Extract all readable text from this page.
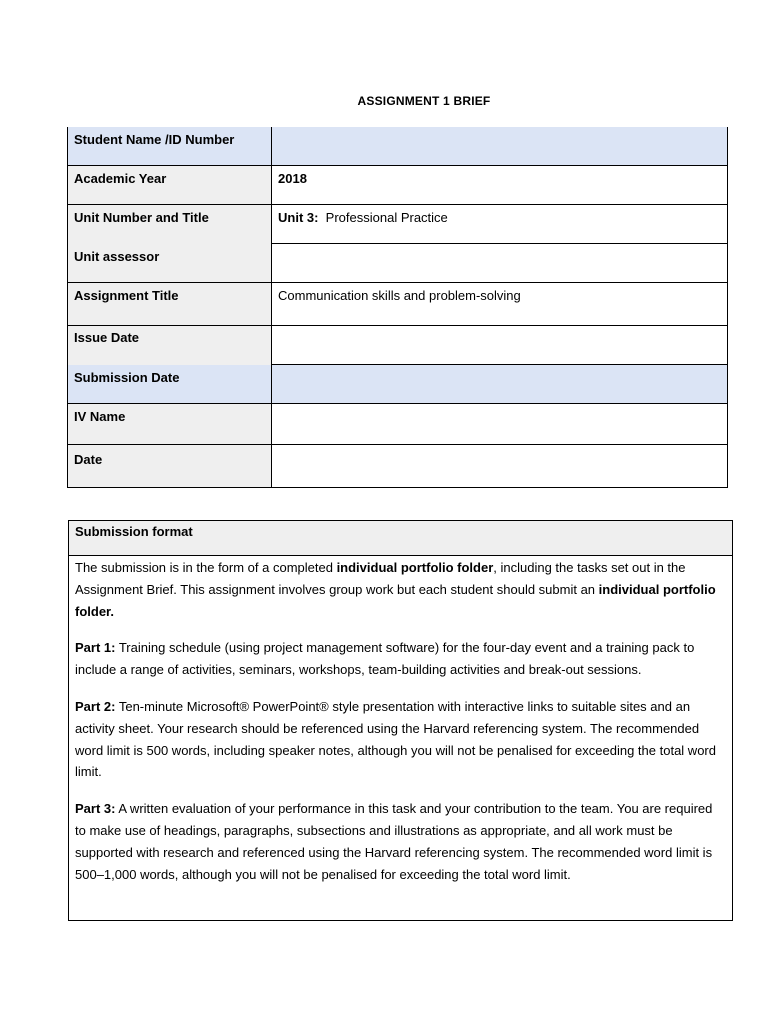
ASSIGNMENT 1 BRIEF
Student Name /ID Number	
Academic Year	2018
Unit Number and Title	Unit 3:  Professional Practice
Unit assessor	
Assignment Title	Communication skills and problem-solving
Issue Date	
Submission Date	
IV Name	
Date	
Submission format

The submission is in the form of a completed individual portfolio folder, including the tasks set out in the Assignment Brief. This assignment involves group work but each student should submit an individual portfolio folder.

Part 1: Training schedule (using project management software) for the four-day event and a training pack to include a range of activities, seminars, workshops, team-building activities and break-out sessions.

Part 2: Ten-minute Microsoft® PowerPoint® style presentation with interactive links to suitable sites and an activity sheet. Your research should be referenced using the Harvard referencing system. The recommended word limit is 500 words, including speaker notes, although you will not be penalised for exceeding the total word limit.

Part 3: A written evaluation of your performance in this task and your contribution to the team. You are required to make use of headings, paragraphs, subsections and illustrations as appropriate, and all work must be supported with research and referenced using the Harvard referencing system. The recommended word limit is 500–1,000 words, although you will not be penalised for exceeding the total word limit.
